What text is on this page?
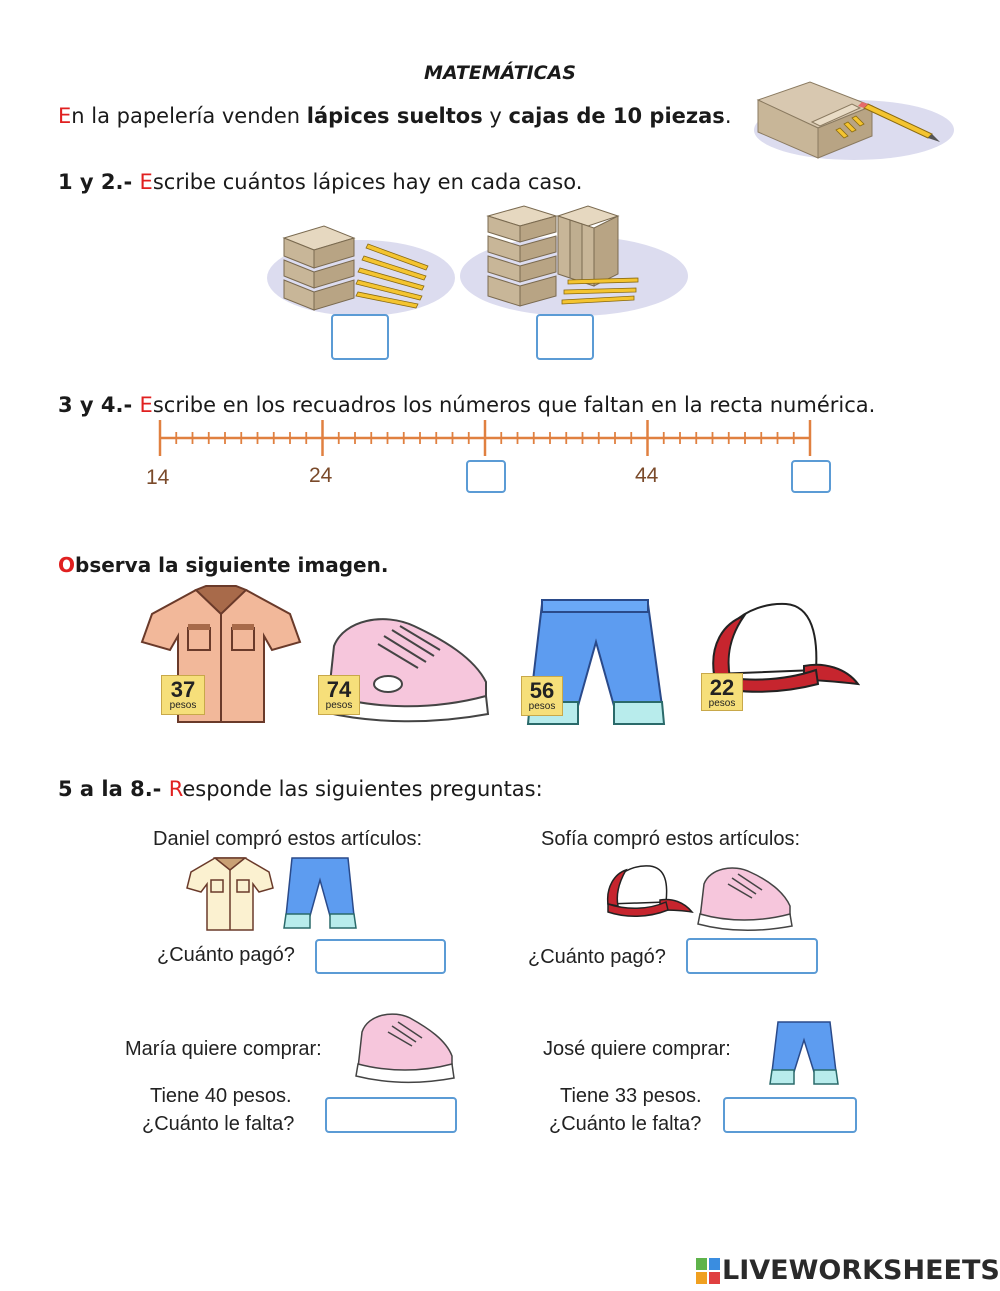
MATEMÁTICAS
En la papelería venden lápices sueltos y cajas de 10 piezas.
1 y 2.- Escribe cuántos lápices hay en cada caso.
3 y 4.- Escribe en los recuadros los números que faltan en la recta numérica.
14	24	44
Observa la siguiente imagen.
37
pesos
74
pesos
56
pesos
22
pesos
5 a la 8.- Responde las siguientes preguntas:
Daniel compró estos artículos:
¿Cuánto pagó?
Sofía compró estos artículos:
¿Cuánto pagó?
María quiere comprar:
Tiene 40 pesos.
¿Cuánto le falta?
José quiere comprar:
Tiene 33 pesos.
¿Cuánto le falta?
LIVEWORKSHEETS
